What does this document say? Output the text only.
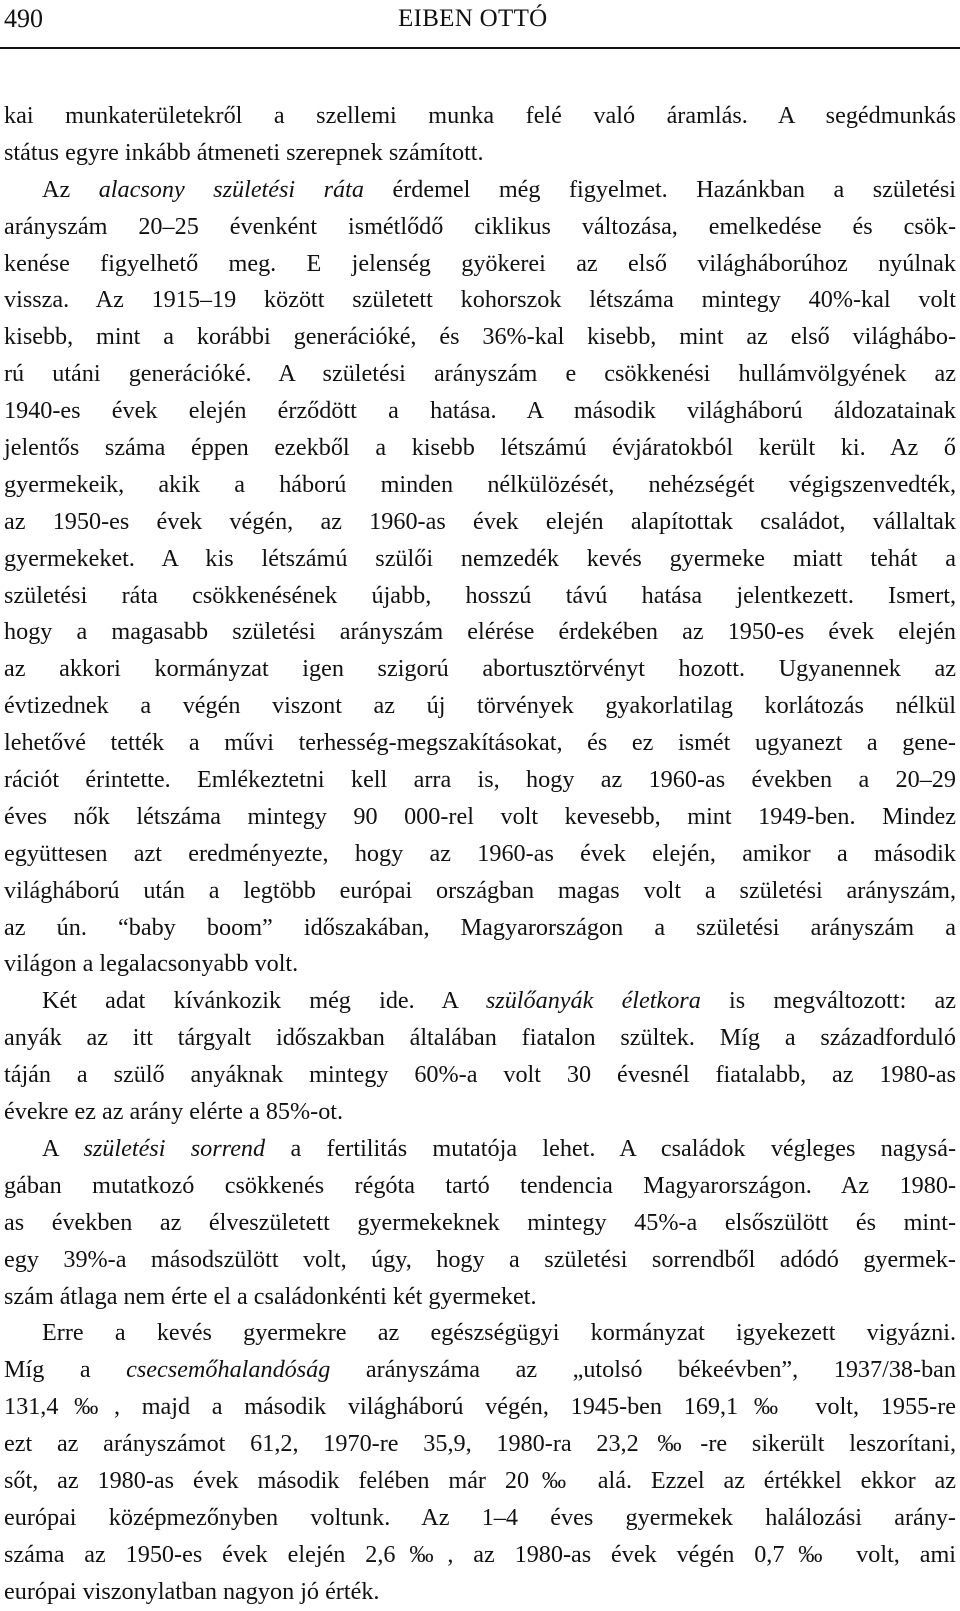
490	EIBEN OTTÓ
kai munkaterületekről a szellemi munka felé való áramlás. A segédmunkás
státus egyre inkább átmeneti szerepnek számított.
Az alacsony születési ráta érdemel még figyelmet. Hazánkban a születési
arányszám 20–25 évenként ismétlődő ciklikus változása, emelkedése és csök-
kenése figyelhető meg. E jelenség gyökerei az első világháborúhoz nyúlnak
vissza. Az 1915–19 között született kohorszok létszáma mintegy 40%-kal volt
kisebb, mint a korábbi generációké, és 36%-kal kisebb, mint az első világhábo-
rú utáni generációké. A születési arányszám e csökkenési hullámvölgyének az
1940-es évek elején érződött a hatása. A második világháború áldozatainak
jelentős száma éppen ezekből a kisebb létszámú évjáratokból került ki. Az ő
gyermekeik, akik a háború minden nélkülözését, nehézségét végigszenvedték,
az 1950-es évek végén, az 1960-as évek elején alapítottak családot, vállaltak
gyermekeket. A kis létszámú szülői nemzedék kevés gyermeke miatt tehát a
születési ráta csökkenésének újabb, hosszú távú hatása jelentkezett. Ismert,
hogy a magasabb születési arányszám elérése érdekében az 1950-es évek elején
az akkori kormányzat igen szigorú abortusztörvényt hozott. Ugyanennek az
évtizednek a végén viszont az új törvények gyakorlatilag korlátozás nélkül
lehetővé tették a művi terhesség-megszakításokat, és ez ismét ugyanezt a gene-
rációt érintette. Emlékeztetni kell arra is, hogy az 1960-as években a 20–29
éves nők létszáma mintegy 90 000-rel volt kevesebb, mint 1949-ben. Mindez
együttesen azt eredményezte, hogy az 1960-as évek elején, amikor a második
világháború után a legtöbb európai országban magas volt a születési arányszám,
az ún. “baby boom” időszakában, Magyarországon a születési arányszám a
világon a legalacsonyabb volt.
Két adat kívánkozik még ide. A szülőanyák életkora is megváltozott: az
anyák az itt tárgyalt időszakban általában fiatalon szültek. Míg a századforduló
táján a szülő anyáknak mintegy 60%-a volt 30 évesnél fiatalabb, az 1980-as
évekre ez az arány elérte a 85%-ot.
A születési sorrend a fertilitás mutatója lehet. A családok végleges nagysá-
gában mutatkozó csökkenés régóta tartó tendencia Magyarországon. Az 1980-
as években az élveszületett gyermekeknek mintegy 45%-a elsőszülött és mint-
egy 39%-a másodszülött volt, úgy, hogy a születési sorrendből adódó gyermek-
szám átlaga nem érte el a családonkénti két gyermeket.
Erre a kevés gyermekre az egészségügyi kormányzat igyekezett vigyázni.
Míg a csecsemőhalandóság arányszáma az „utolsó békeévben”, 1937/38-ban
131,4‰, majd a második világháború végén, 1945-ben 169,1‰ volt, 1955-re
ezt az arányszámot 61,2, 1970-re 35,9, 1980-ra 23,2‰-re sikerült leszorítani,
sőt, az 1980-as évek második felében már 20‰ alá. Ezzel az értékkel ekkor az
európai középmezőnyben voltunk. Az 1–4 éves gyermekek halálozási arány-
száma az 1950-es évek elején 2,6‰, az 1980-as évek végén 0,7‰ volt, ami
európai viszonylatban nagyon jó érték.
